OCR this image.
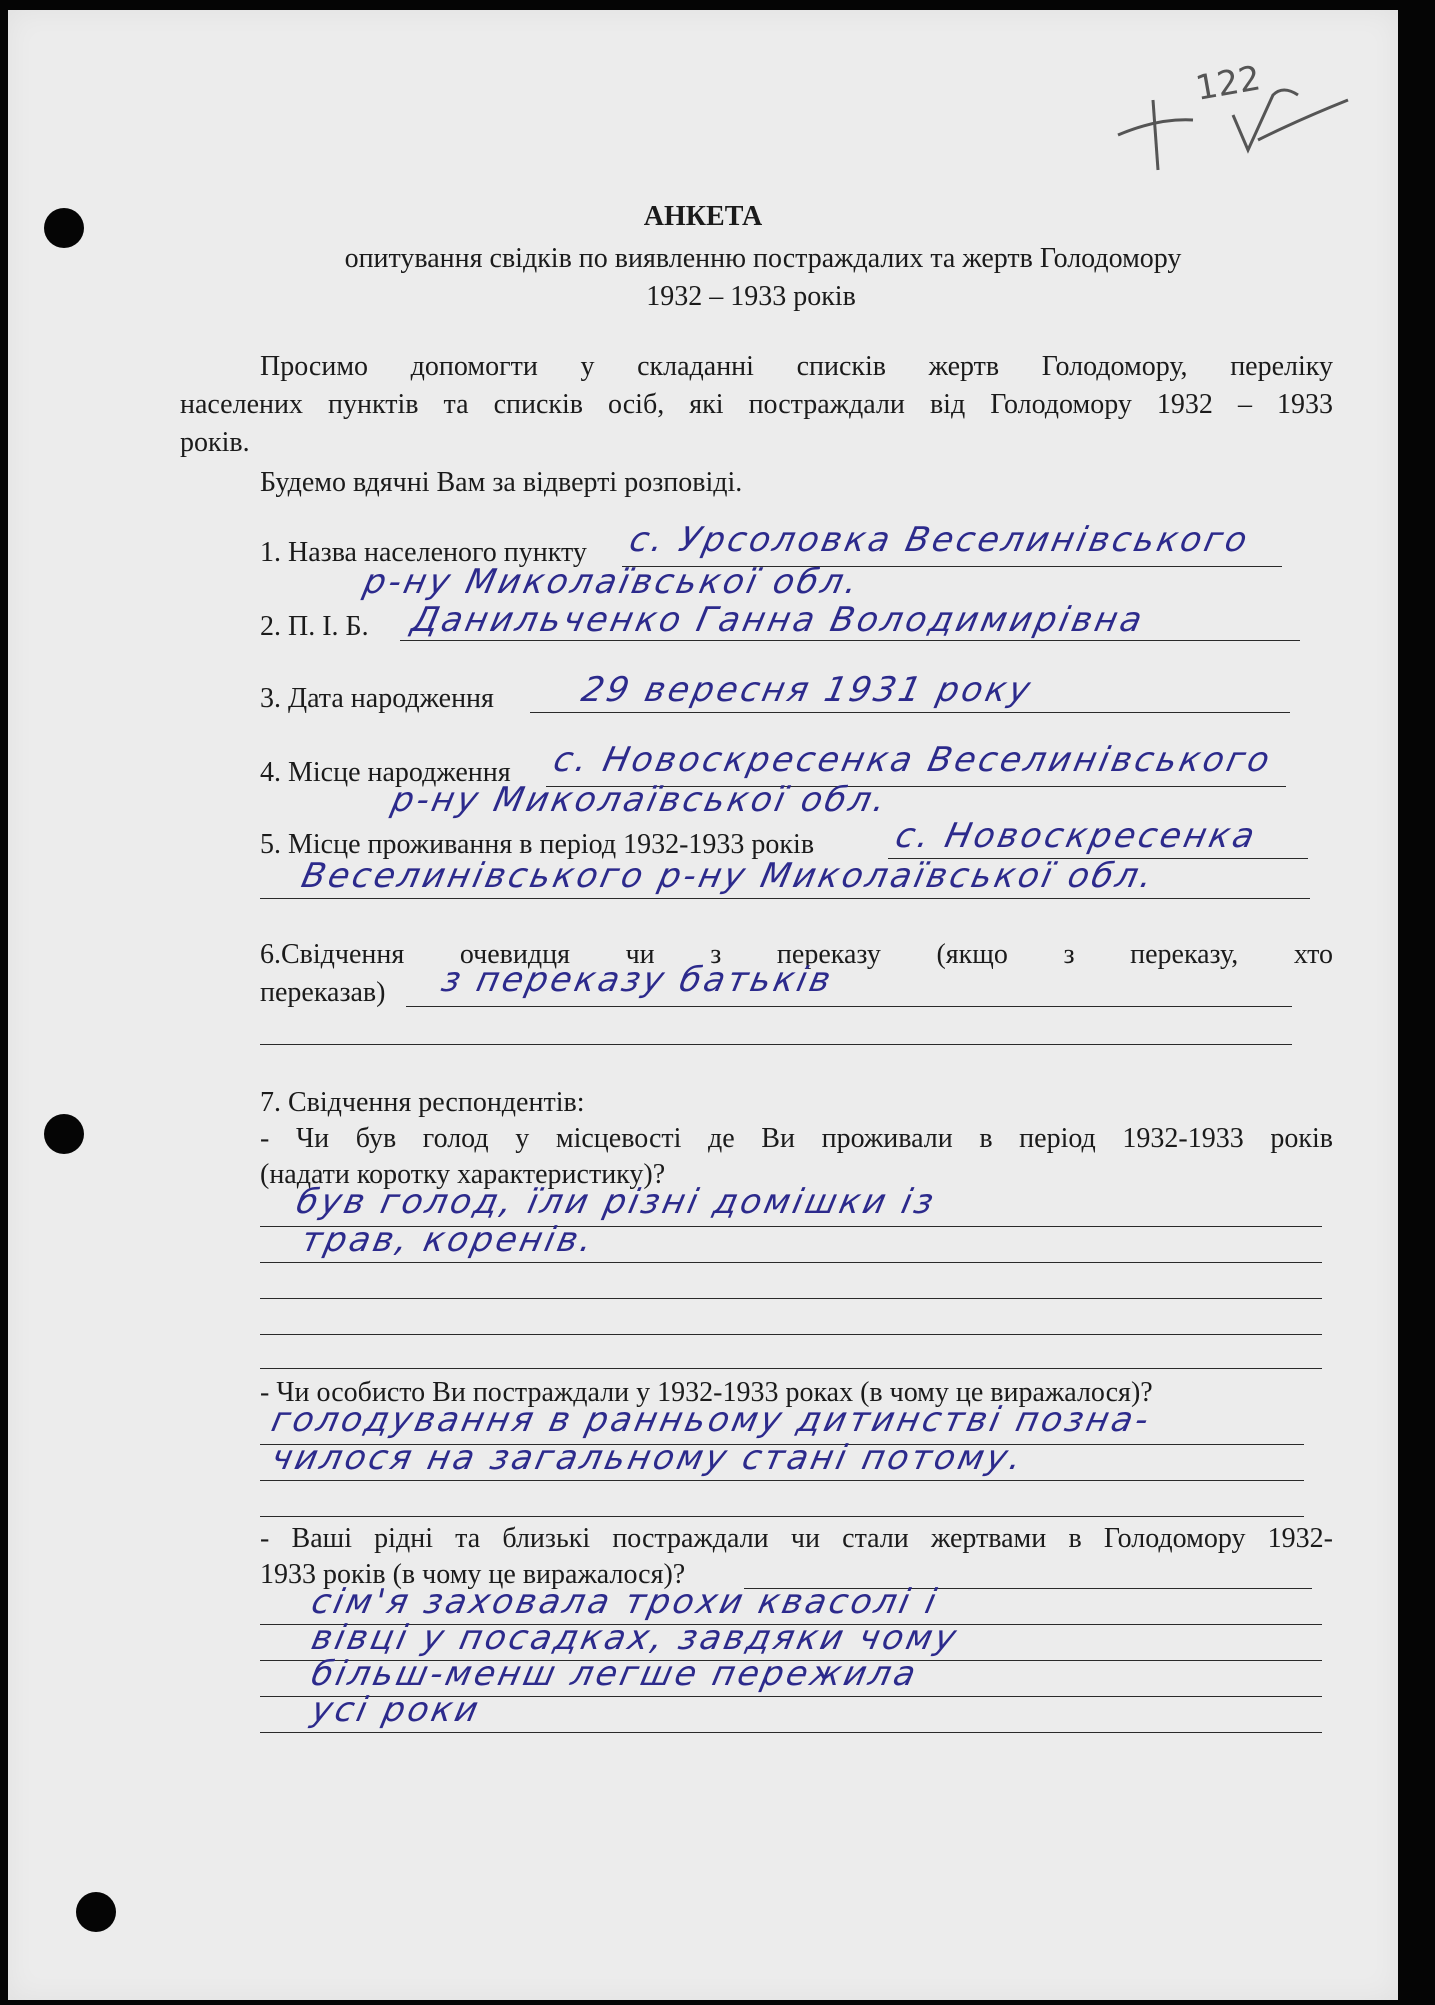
122
АНКЕТА
опитування свідків по виявленню постраждалих та жертв Голодомору
1932 – 1933 років
Просимо допомогти у складанні списків жертв Голодомору, переліку
населених пунктів та списків осіб, які постраждали від Голодомору 1932 – 1933
років.
Будемо вдячні Вам за відверті розповіді.
1. Назва населеного пункту с. Урсоловка Веселинівського
р-ну Миколаївської обл.
2. П. І. Б. Данильченко Ганна Володимирівна
3. Дата народження 29 вересня 1931 року
4. Місце народження с. Новоскресенка Веселинівського
р-ну Миколаївської обл.
5. Місце проживання в період 1932-1933 років с. Новоскресенка
Веселинівського р-ну Миколаївської обл.
6.Свідчення очевидця чи з переказу (якщо з переказу, хто
переказав) з переказу батьків
7. Свідчення респондентів:
- Чи був голод у місцевості де Ви проживали в період 1932-1933 років
(надати коротку характеристику)?
був голод, їли різні домішки із
трав, коренів.
- Чи особисто Ви постраждали у 1932-1933 роках (в чому це виражалося)?
голодування в ранньому дитинстві позна-
чилося на загальному стані потому.
- Ваші рідні та близькі постраждали чи стали жертвами в Голодомору 1932-
1933 років (в чому це виражалося)?
сім'я заховала трохи квасолі і
вівці у посадках, завдяки чому
більш-менш легше пережила
усі роки
